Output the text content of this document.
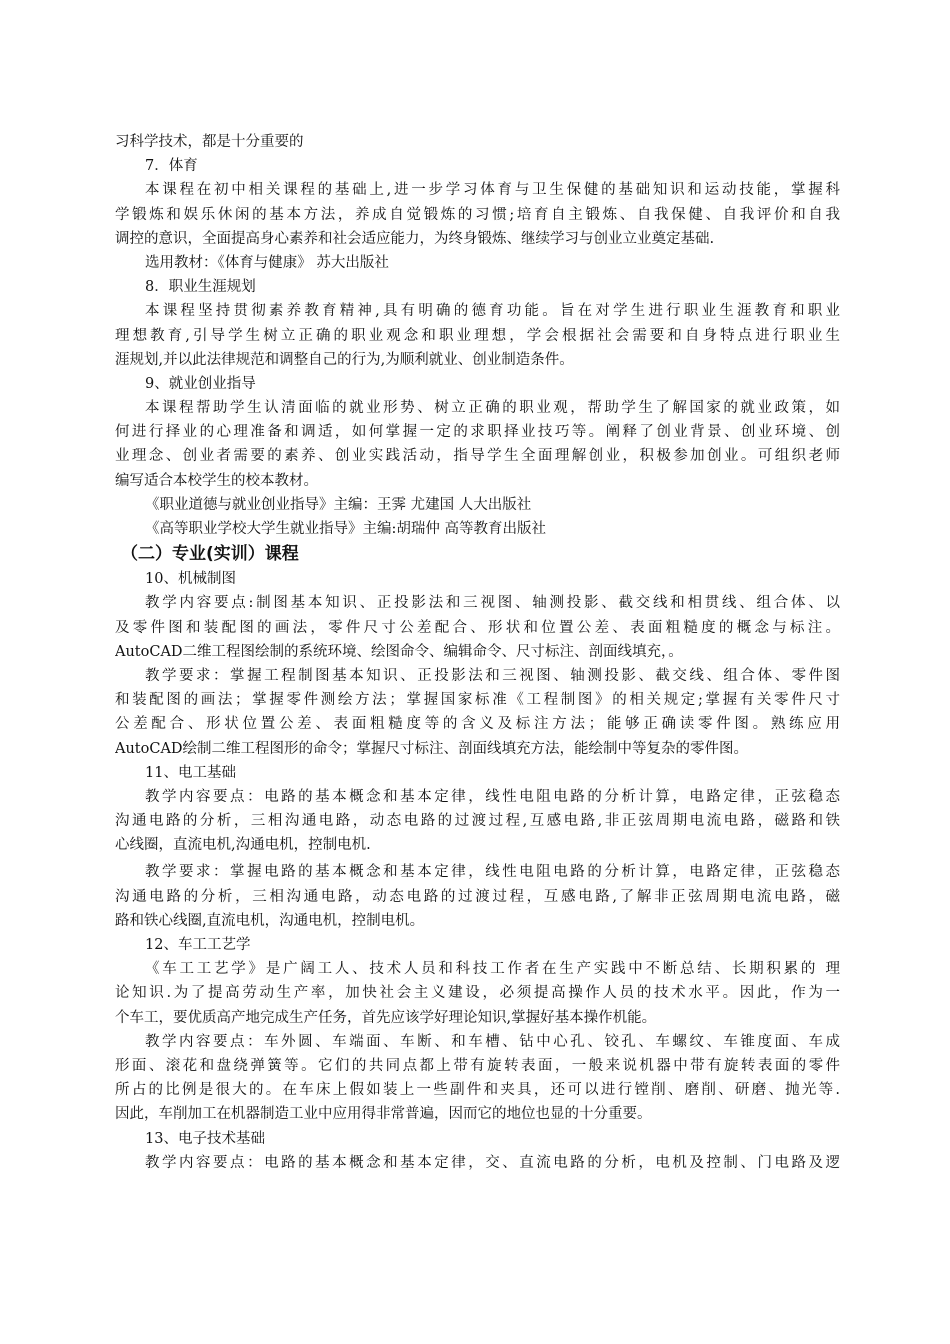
习科学技术，都是十分重要的
7．体育
本课程在初中相关课程的基础上,进一步学习体育与卫生保健的基础知识和运动技能，掌握科
学锻炼和娱乐休闲的基本方法，养成自觉锻炼的习惯;培育自主锻炼、自我保健、自我评价和自我
调控的意识，全面提高身心素养和社会适应能力，为终身锻炼、继续学习与创业立业奠定基础.
选用教材：《体育与健康》 苏大出版社
8．职业生涯规划
本课程坚持贯彻素养教育精神,具有明确的德育功能。旨在对学生进行职业生涯教育和职业
理想教育,引导学生树立正确的职业观念和职业理想，学会根据社会需要和自身特点进行职业生
涯规划,并以此法律规范和调整自己的行为,为顺利就业、创业制造条件。
9、就业创业指导
本课程帮助学生认清面临的就业形势、树立正确的职业观，帮助学生了解国家的就业政策，如
何进行择业的心理准备和调适，如何掌握一定的求职择业技巧等。阐释了创业背景、创业环境、创
业理念、创业者需要的素养、创业实践活动，指导学生全面理解创业，积极参加创业。可组织老师
编写适合本校学生的校本教材。
《职业道德与就业创业指导》主编：王霁 尤建国 人大出版社
《高等职业学校大学生就业指导》主编:胡瑞仲 高等教育出版社
（二）专业(实训）课程
10、机械制图
教学内容要点:制图基本知识、正投影法和三视图、轴测投影、截交线和相贯线、组合体、以
及零件图和装配图的画法，零件尺寸公差配合、形状和位置公差、表面粗糙度的概念与标注。
AutoCAD二维工程图绘制的系统环境、绘图命令、编辑命令、尺寸标注、剖面线填充，。
教学要求：掌握工程制图基本知识、正投影法和三视图、轴测投影、截交线、组合体、零件图
和装配图的画法；掌握零件测绘方法；掌握国家标准《工程制图》的相关规定;掌握有关零件尺寸
公差配合、形状位置公差、表面粗糙度等的含义及标注方法；能够正确读零件图。熟练应用
AutoCAD绘制二维工程图形的命令；掌握尺寸标注、剖面线填充方法，能绘制中等复杂的零件图。
11、电工基础
教学内容要点：电路的基本概念和基本定律，线性电阻电路的分析计算，电路定律，正弦稳态
沟通电路的分析，三相沟通电路，动态电路的过渡过程,互感电路,非正弦周期电流电路，磁路和铁
心线圈，直流电机,沟通电机，控制电机.
教学要求：掌握电路的基本概念和基本定律，线性电阻电路的分析计算，电路定律，正弦稳态
沟通电路的分析，三相沟通电路，动态电路的过渡过程，互感电路,了解非正弦周期电流电路，磁
路和铁心线圈,直流电机，沟通电机，控制电机。
12、车工工艺学
《车工工艺学》是广阔工人、技术人员和科技工作者在生产实践中不断总结、长期积累的 理
论知识.为了提高劳动生产率，加快社会主义建设，必须提高操作人员的技术水平。因此，作为一
个车工，要优质高产地完成生产任务，首先应该学好理论知识,掌握好基本操作机能。
教学内容要点：车外圆、车端面、车断、和车槽、钻中心孔、铰孔、车螺纹、车锥度面、车成
形面、滚花和盘绕弹簧等。它们的共同点都上带有旋转表面，一般来说机器中带有旋转表面的零件
所占的比例是很大的。在车床上假如装上一些副件和夹具，还可以进行镗削、磨削、研磨、抛光等.
因此，车削加工在机器制造工业中应用得非常普遍，因而它的地位也显的十分重要。
13、电子技术基础
教学内容要点：电路的基本概念和基本定律，交、直流电路的分析，电机及控制、门电路及逻
